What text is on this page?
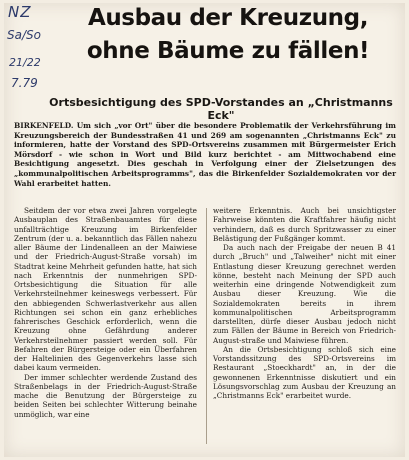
NZ
Sa/So
21/22
7.79
Ausbau der Kreuzung,
ohne Bäume zu fällen!
Ortsbesichtigung des SPD-Vorstandes an „Christmanns Eck"
BIRKENFELD. Um sich „vor Ort" über die besondere Problematik der Verkehrsführung im Kreuzungsbereich der Bundesstraßen 41 und 269 am sogenannten „Christmanns Eck" zu informieren, hatte der Vorstand des SPD-Ortsvereins zusammen mit Bürgermeister Erich Mörsdorf - wie schon in Wort und Bild kurz berichtet - am Mittwochabend eine Besichtigung angesetzt. Dies geschah in Verfolgung einer der Zielsetzungen des „kommunalpolitischen Arbeitsprogramms", das die Birkenfelder Sozialdemokraten vor der Wahl erarbeitet hatten.

Seitdem der vor etwa zwei Jahren vorgelegte Ausbauplan des Straßenbauamtes für diese unfallträchtige Kreuzung im Birkenfelder Zentrum (der u. a. bekanntlich das Fällen nahezu aller Bäume der Lindenalleen an der Maiwiese und der Friedrich-August-Straße vorsah) im Stadtrat keine Mehrheit gefunden hatte, hat sich nach Erkenntnis der nunmehrigen SPD-Ortsbesichtigung die Situation für alle Verkehrsteilnehmer keineswegs verbessert. Für den abbiegenden Schwerlastverkehr aus allen Richtungen sei schon ein ganz erhebliches fahrerisches Geschick erforderlich, wenn die Kreuzung ohne Gefährdung anderer Verkehrsteilnehmer passiert werden soll. Für Befahren der Bürgersteige oder ein Überfahren der Haltelinien des Gegenverkehrs lasse sich dabei kaum vermeiden.

Der immer schlechter werdende Zustand des Straßenbelags in der Friedrich-August-Straße mache die Benutzung der Bürgersteige zu beiden Seiten bei schlechter Witterung beinahe unmöglich, war eine

weitere Erkenntnis. Auch bei unsichtigster Fahrweise könnten die Kraftfahrer häufig nicht verhindern, daß es durch Spritzwasser zu einer Belästigung der Fußgänger kommt.

Da auch nach der Freigabe der neuen B 41 durch „Bruch" und „Talweiher" nicht mit einer Entlastung dieser Kreuzung gerechnet werden könne, besteht nach Meinung der SPD auch weiterhin eine dringende Notwendigkeit zum Ausbau dieser Kreuzung. Wie die Sozialdemokraten bereits in ihrem kommunalpolitischen Arbeitsprogramm darstellten, dürfe dieser Ausbau jedoch nicht zum Fällen der Bäume in Bereich von Friedrich-August-straße und Maiwiese führen.

An die Ortsbesichtigung schloß sich eine Vorstandssitzung des SPD-Ortsvereins im Restaurant „Stoeckhardt" an, in der die gewonnenen Erkenntnisse diskutiert und ein Lösungsvorschlag zum Ausbau der Kreuzung an „Christmanns Eck" erarbeitet wurde.
